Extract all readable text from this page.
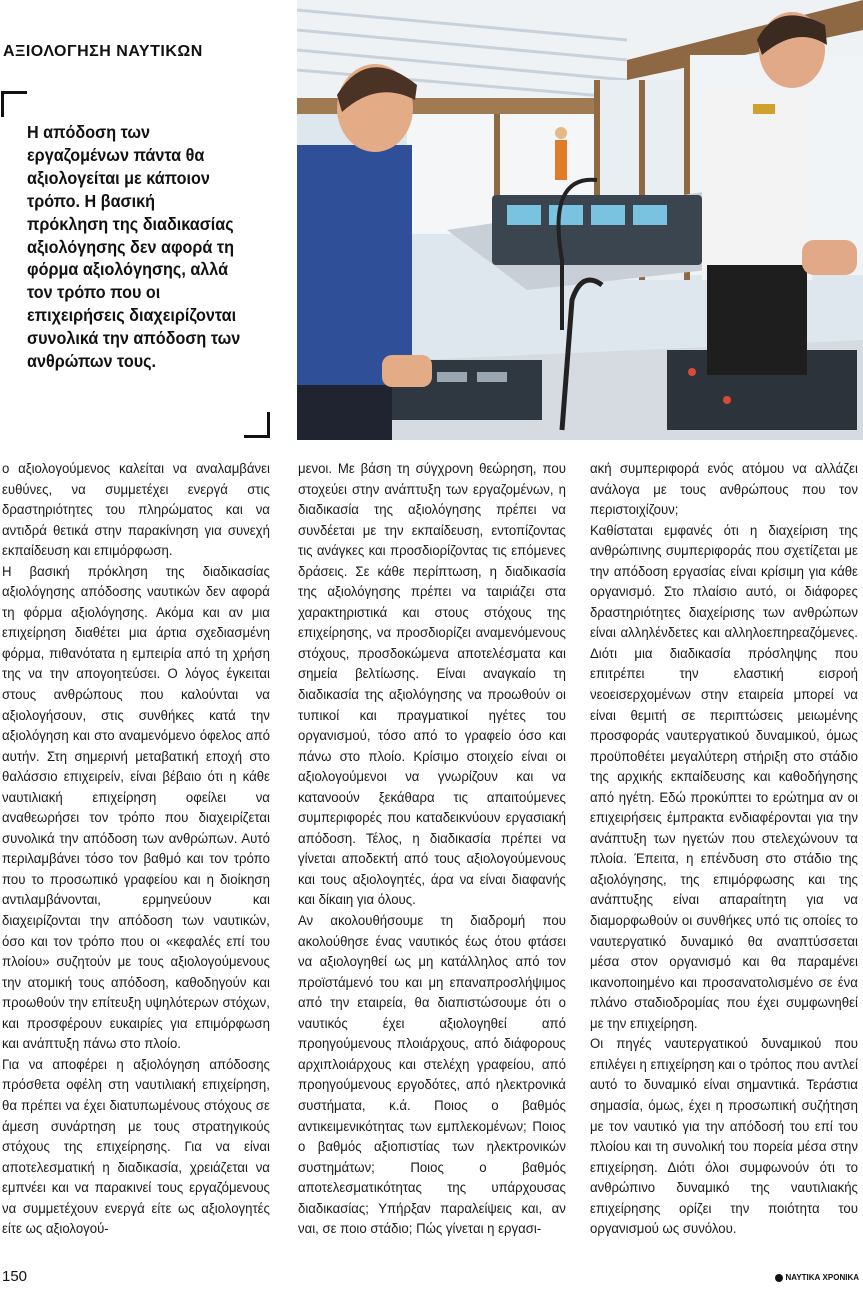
ΑΞΙΟΛΟΓΗΣΗ ΝΑΥΤΙΚΩΝ
Η απόδοση των εργαζομένων πάντα θα αξιολογείται με κάποιον τρόπο. Η βασική πρόκληση της διαδικασίας αξιολόγησης δεν αφορά τη φόρμα αξιολόγησης, αλλά τον τρόπο που οι επιχειρήσεις διαχειρίζονται συνολικά την απόδοση των ανθρώπων τους.

ο αξιολογούμενος καλείται να αναλαμβάνει ευθύνες, να συμμετέχει ενεργά στις δραστηριότητες του πληρώματος και να αντιδρά θετικά στην παρακίνηση για συνεχή εκπαίδευση και επιμόρφωση.

Η βασική πρόκληση της διαδικασίας αξιολόγησης απόδοσης ναυτικών δεν αφορά τη φόρμα αξιολόγησης. Ακόμα και αν μια επιχείρηση διαθέτει μια άρτια σχεδιασμένη φόρμα, πιθανότατα η εμπειρία από τη χρήση της να την απογοητεύσει. Ο λόγος έγκειται στους ανθρώπους που καλούνται να αξιολογήσουν, στις συνθήκες κατά την αξιολόγηση και στο αναμενόμενο όφελος από αυτήν. Στη σημερινή μεταβατική εποχή στο θαλάσσιο επιχειρείν, είναι βέβαιο ότι η κάθε ναυτιλιακή επιχείρηση οφείλει να αναθεωρήσει τον τρόπο που διαχειρίζεται συνολικά την απόδοση των ανθρώπων. Αυτό περιλαμβάνει τόσο τον βαθμό και τον τρόπο που το προσωπικό γραφείου και η διοίκηση αντιλαμβάνονται, ερμηνεύουν και διαχειρίζονται την απόδοση των ναυτικών, όσο και τον τρόπο που οι «κεφαλές επί του πλοίου» συζητούν με τους αξιολογούμενους την ατομική τους απόδοση, καθοδηγούν και προωθούν την επίτευξη υψηλότερων στόχων, και προσφέρουν ευκαιρίες για επιμόρφωση και ανάπτυξη πάνω στο πλοίο.

Για να αποφέρει η αξιολόγηση απόδοσης πρόσθετα οφέλη στη ναυτιλιακή επιχείρηση, θα πρέπει να έχει διατυπωμένους στόχους σε άμεση συνάρτηση με τους στρατηγικούς στόχους της επιχείρησης. Για να είναι αποτελεσματική η διαδικασία, χρειάζεται να εμπνέει και να παρακινεί τους εργαζόμενους να συμμετέχουν ενεργά είτε ως αξιολογητές είτε ως αξιολογού-

μενοι. Με βάση τη σύγχρονη θεώρηση, που στοχεύει στην ανάπτυξη των εργαζομένων, η διαδικασία της αξιολόγησης πρέπει να συνδέεται με την εκπαίδευση, εντοπίζοντας τις ανάγκες και προσδιορίζοντας τις επόμενες δράσεις. Σε κάθε περίπτωση, η διαδικασία της αξιολόγησης πρέπει να ταιριάζει στα χαρακτηριστικά και στους στόχους της επιχείρησης, να προσδιορίζει αναμενόμενους στόχους, προσδοκώμενα αποτελέσματα και σημεία βελτίωσης. Είναι αναγκαίο τη διαδικασία της αξιολόγησης να προωθούν οι τυπικοί και πραγματικοί ηγέτες του οργανισμού, τόσο από το γραφείο όσο και πάνω στο πλοίο. Κρίσιμο στοιχείο είναι οι αξιολογούμενοι να γνωρίζουν και να κατανοούν ξεκάθαρα τις απαιτούμενες συμπεριφορές που καταδεικνύουν εργασιακή απόδοση. Τέλος, η διαδικασία πρέπει να γίνεται αποδεκτή από τους αξιολογούμενους και τους αξιολογητές, άρα να είναι διαφανής και δίκαιη για όλους.

Αν ακολουθήσουμε τη διαδρομή που ακολούθησε ένας ναυτικός έως ότου φτάσει να αξιολογηθεί ως μη κατάλληλος από τον προϊστάμενό του και μη επαναπροσλήψιμος από την εταιρεία, θα διαπιστώσουμε ότι ο ναυτικός έχει αξιολογηθεί από προηγούμενους πλοιάρχους, από διάφορους αρχιπλοιάρχους και στελέχη γραφείου, από προηγούμενους εργοδότες, από ηλεκτρονικά συστήματα, κ.ά. Ποιος ο βαθμός αντικειμενικότητας των εμπλεκομένων; Ποιος ο βαθμός αξιοπιστίας των ηλεκτρονικών συστημάτων; Ποιος ο βαθμός αποτελεσματικότητας της υπάρχουσας διαδικασίας; Υπήρξαν παραλείψεις και, αν ναι, σε ποιο στάδιο; Πώς γίνεται η εργασι-

ακή συμπεριφορά ενός ατόμου να αλλάζει ανάλογα με τους ανθρώπους που τον περιστοιχίζουν;

Καθίσταται εμφανές ότι η διαχείριση της ανθρώπινης συμπεριφοράς που σχετίζεται με την απόδοση εργασίας είναι κρίσιμη για κάθε οργανισμό. Στο πλαίσιο αυτό, οι διάφορες δραστηριότητες διαχείρισης των ανθρώπων είναι αλληλένδετες και αλληλοεπηρεαζόμενες. Διότι μια διαδικασία πρόσληψης που επιτρέπει την ελαστική εισροή νεοεισερχομένων στην εταιρεία μπορεί να είναι θεμιτή σε περιπτώσεις μειωμένης προσφοράς ναυτεργατικού δυναμικού, όμως προϋποθέτει μεγαλύτερη στήριξη στο στάδιο της αρχικής εκπαίδευσης και καθοδήγησης από ηγέτη. Εδώ προκύπτει το ερώτημα αν οι επιχειρήσεις έμπρακτα ενδιαφέρονται για την ανάπτυξη των ηγετών που στελεχώνουν τα πλοία. Έπειτα, η επένδυση στο στάδιο της αξιολόγησης, της επιμόρφωσης και της ανάπτυξης είναι απαραίτητη για να διαμορφωθούν οι συνθήκες υπό τις οποίες το ναυτεργατικό δυναμικό θα αναπτύσσεται μέσα στον οργανισμό και θα παραμένει ικανοποιημένο και προσανατολισμένο σε ένα πλάνο σταδιοδρομίας που έχει συμφωνηθεί με την επιχείρηση.

Οι πηγές ναυτεργατικού δυναμικού που επιλέγει η επιχείρηση και ο τρόπος που αντλεί αυτό το δυναμικό είναι σημαντικά. Τεράστια σημασία, όμως, έχει η προσωπική συζήτηση με τον ναυτικό για την απόδοσή του επί του πλοίου και τη συνολική του πορεία μέσα στην επιχείρηση. Διότι όλοι συμφωνούν ότι το ανθρώπινο δυναμικό της ναυτιλιακής επιχείρησης ορίζει την ποιότητα του οργανισμού ως συνόλου.

150	ΝΑΥΤΙΚΑ ΧΡΟΝΙΚΑ
